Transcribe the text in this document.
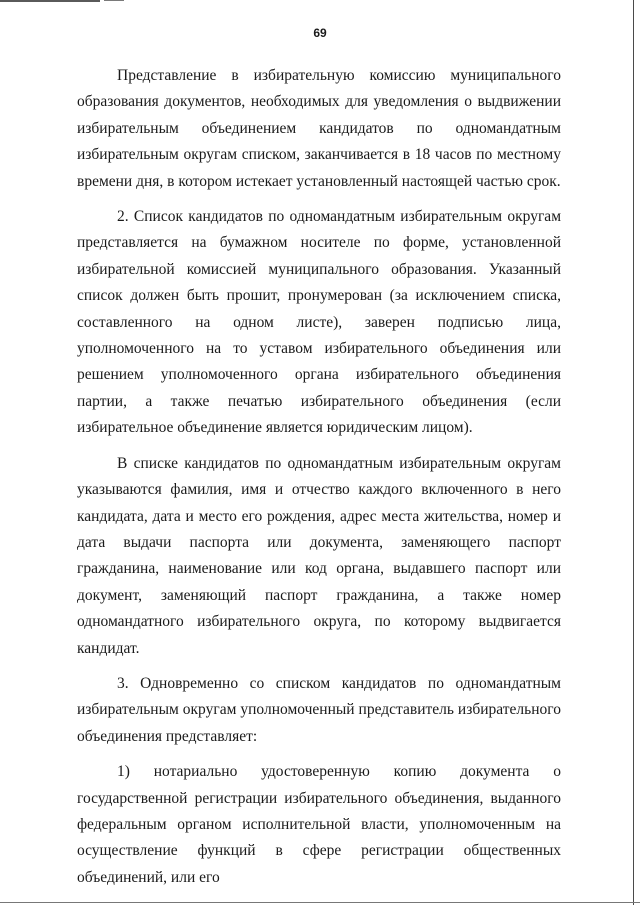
69

Представление в избирательную комиссию муниципального образования документов, необходимых для уведомления о выдвижении избирательным объединением кандидатов по одномандатным избирательным округам списком, заканчивается в 18 часов по местному времени дня, в котором истекает установленный настоящей частью срок.

2. Список кандидатов по одномандатным избирательным округам представляется на бумажном носителе по форме, установленной избирательной комиссией муниципального образования. Указанный список должен быть прошит, пронумерован (за исключением списка, составленного на одном листе), заверен подписью лица, уполномоченного на то уставом избирательного объединения или решением уполномоченного органа избирательного объединения партии, а также печатью избирательного объединения (если избирательное объединение является юридическим лицом).

В списке кандидатов по одномандатным избирательным округам указываются фамилия, имя и отчество каждого включенного в него кандидата, дата и место его рождения, адрес места жительства, номер и дата выдачи паспорта или документа, заменяющего паспорт гражданина, наименование или код органа, выдавшего паспорт или документ, заменяющий паспорт гражданина, а также номер одномандатного избирательного округа, по которому выдвигается кандидат.

3. Одновременно со списком кандидатов по одномандатным избирательным округам уполномоченный представитель избирательного объединения представляет:

1) нотариально удостоверенную копию документа о государственной регистрации избирательного объединения, выданного федеральным органом исполнительной власти, уполномоченным на осуществление функций в сфере регистрации общественных объединений, или его
